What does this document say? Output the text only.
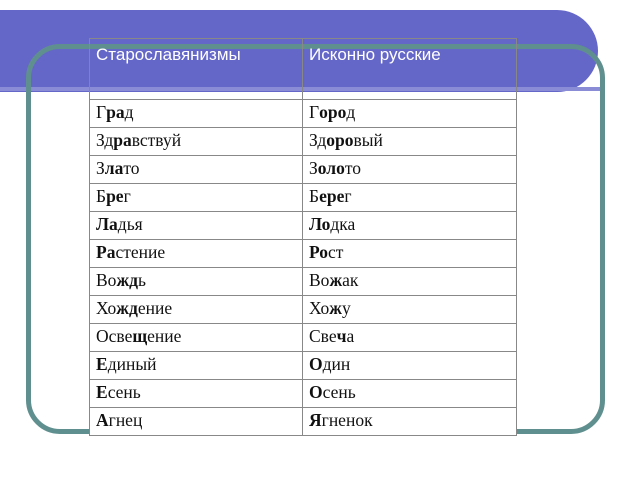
Старославянизмы	Исконно русские
Град	Город
Здравствуй	Здоровый
Злато	Золото
Брег	Берег
Ладья	Лодка
Растение	Рост
Вождь	Вожак
Хождение	Хожу
Освещение	Свеча
Единый	Один
Есень	Осень
Агнец	Ягненок
